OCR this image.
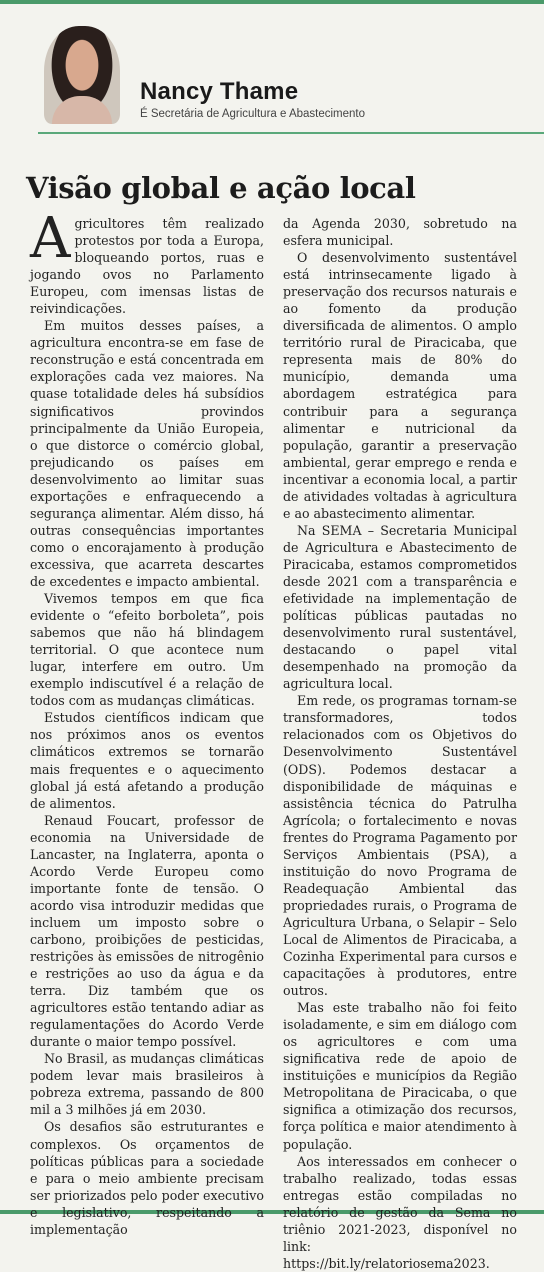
Nancy Thame
É Secretária de Agricultura e Abastecimento
Visão global e ação local

Agricultores têm realizado protestos por toda a Europa, bloqueando portos, ruas e jogando ovos no Parlamento Europeu, com imensas listas de reivindicações.

Em muitos desses países, a agricultura encontra-se em fase de reconstrução e está concentrada em explorações cada vez maiores. Na quase totalidade deles há subsídios significativos provindos principalmente da União Europeia, o que distorce o comércio global, prejudicando os países em desenvolvimento ao limitar suas exportações e enfraquecendo a segurança alimentar. Além disso, há outras consequências importantes como o encorajamento à produção excessiva, que acarreta descartes de excedentes e impacto ambiental.

Vivemos tempos em que fica evidente o “efeito borboleta”, pois sabemos que não há blindagem territorial. O que acontece num lugar, interfere em outro. Um exemplo indiscutível é a relação de todos com as mudanças climáticas.

Estudos científicos indicam que nos próximos anos os eventos climáticos extremos se tornarão mais frequentes e o aquecimento global já está afetando a produção de alimentos.

Renaud Foucart, professor de economia na Universidade de Lancaster, na Inglaterra, aponta o Acordo Verde Europeu como importante fonte de tensão. O acordo visa introduzir medidas que incluem um imposto sobre o carbono, proibições de pesticidas, restrições às emissões de nitrogênio e restrições ao uso da água e da terra. Diz também que os agricultores estão tentando adiar as regulamentações do Acordo Verde durante o maior tempo possível.

No Brasil, as mudanças climáticas podem levar mais brasileiros à pobreza extrema, passando de 800 mil a 3 milhões já em 2030.

Os desafios são estruturantes e complexos. Os orçamentos de políticas públicas para a sociedade e para o meio ambiente precisam ser priorizados pelo poder executivo e legislativo, respeitando a implementação

da Agenda 2030, sobretudo na esfera municipal.

O desenvolvimento sustentável está intrinsecamente ligado à preservação dos recursos naturais e ao fomento da produção diversificada de alimentos. O amplo território rural de Piracicaba, que representa mais de 80% do município, demanda uma abordagem estratégica para contribuir para a segurança alimentar e nutricional da população, garantir a preservação ambiental, gerar emprego e renda e incentivar a economia local, a partir de atividades voltadas à agricultura e ao abastecimento alimentar.

Na SEMA – Secretaria Municipal de Agricultura e Abastecimento de Piracicaba, estamos comprometidos desde 2021 com a transparência e efetividade na implementação de políticas públicas pautadas no desenvolvimento rural sustentável, destacando o papel vital desempenhado na promoção da agricultura local.

Em rede, os programas tornam-se transformadores, todos relacionados com os Objetivos do Desenvolvimento Sustentável (ODS). Podemos destacar a disponibilidade de máquinas e assistência técnica do Patrulha Agrícola; o fortalecimento e novas frentes do Programa Pagamento por Serviços Ambientais (PSA), a instituição do novo Programa de Readequação Ambiental das propriedades rurais, o Programa de Agricultura Urbana, o Selapir – Selo Local de Alimentos de Piracicaba, a Cozinha Experimental para cursos e capacitações à produtores, entre outros.

Mas este trabalho não foi feito isoladamente, e sim em diálogo com os agricultores e com uma significativa rede de apoio de instituições e municípios da Região Metropolitana de Piracicaba, o que significa a otimização dos recursos, força política e maior atendimento à população.

Aos interessados em conhecer o trabalho realizado, todas essas entregas estão compiladas no relatório de gestão da Sema no triênio 2021-2023, disponível no link: https://bit.ly/relatoriosema2023.
